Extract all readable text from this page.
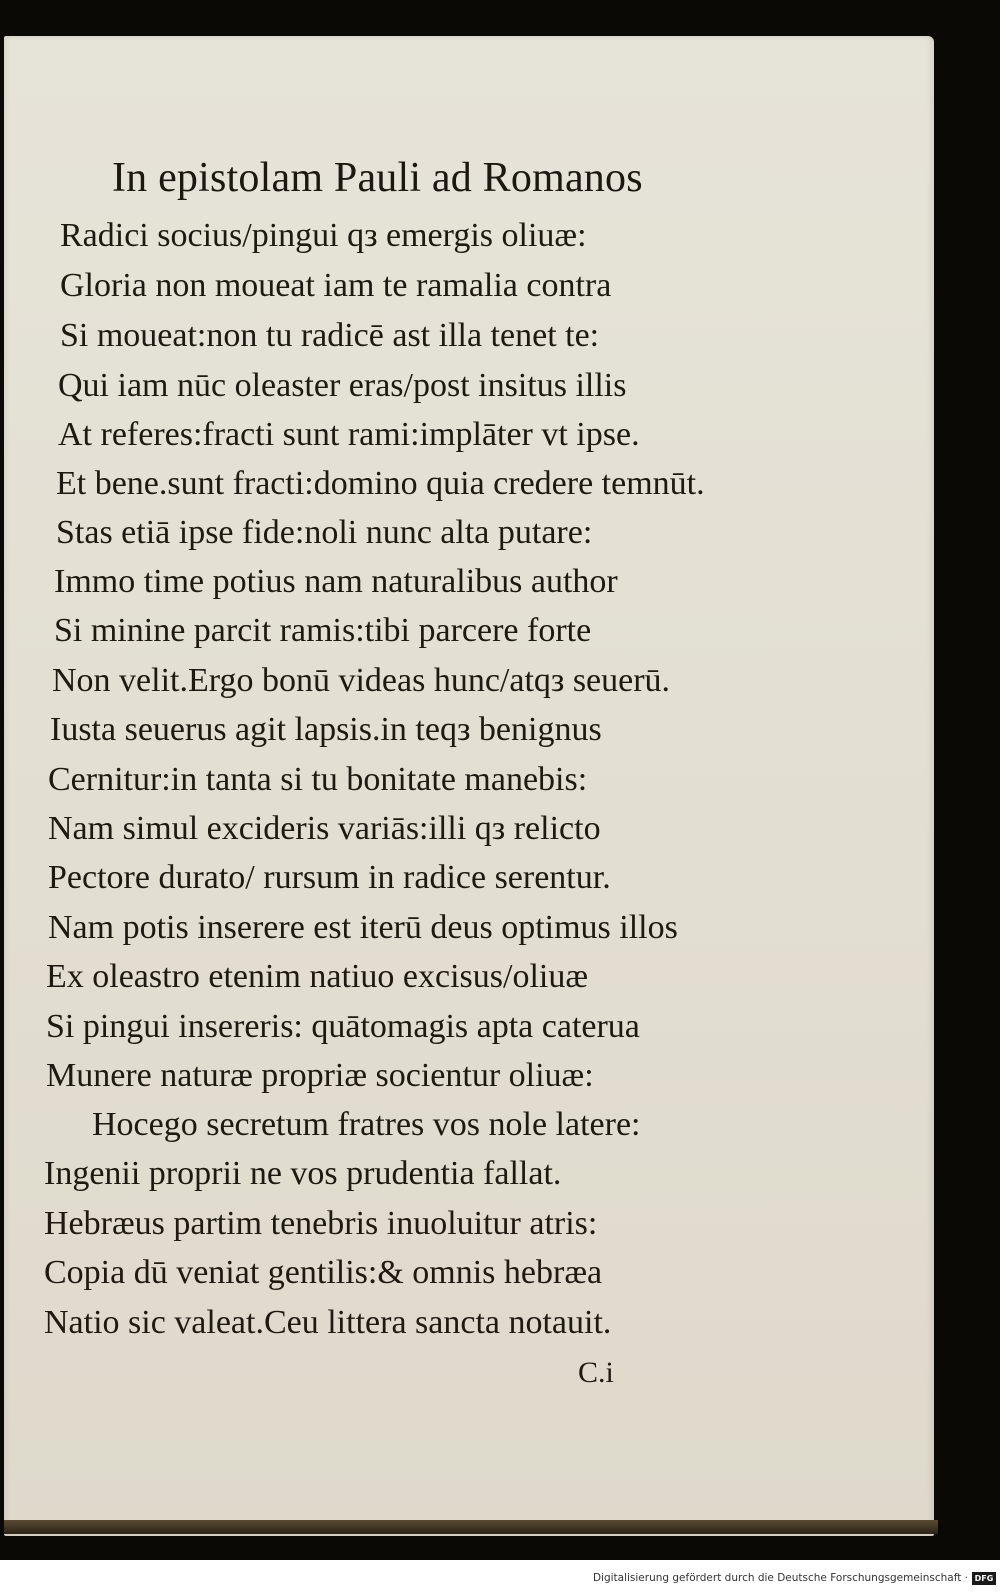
In epistolam Pauli ad Romanos
Radici socius/pingui qз emergis oliuæ:
Gloria non moueat iam te ramalia contra
Si moueat:non tu radicē ast illa tenet te:
Qui iam nūc oleaster eras/post insitus illis
At referes:fracti sunt rami:implāter vt ipse.
Et bene.sunt fracti:domino quia credere temnūt.
Stas etiā ipse fide:noli nunc alta putare:
Immo time potius nam naturalibus author
Si minine parcit ramis:tibi parcere forte
Non velit.Ergo bonū videas hunc/atqз seuerū.
Iusta seuerus agit lapsis.in teqз benignus
Cernitur:in tanta si tu bonitate manebis:
Nam simul excideris variās:illi qз relicto
Pectore durato/ rursum in radice serentur.
Nam potis inserere est iterū deus optimus illos
Ex oleastro etenim natiuo excisus/oliuæ
Si pingui insereris: quātomagis apta caterua
Munere naturæ propriæ socientur oliuæ:
Hocego secretum fratres vos nole latere:
Ingenii proprii ne vos prudentia fallat.
Hebræus partim tenebris inuoluitur atris:
Copia dū veniat gentilis:& omnis hebræa
Natio sic valeat.Ceu littera sancta notauit.
C.i
Digitalisierung gefördert durch die Deutsche Forschungsgemeinschaft · DFG
